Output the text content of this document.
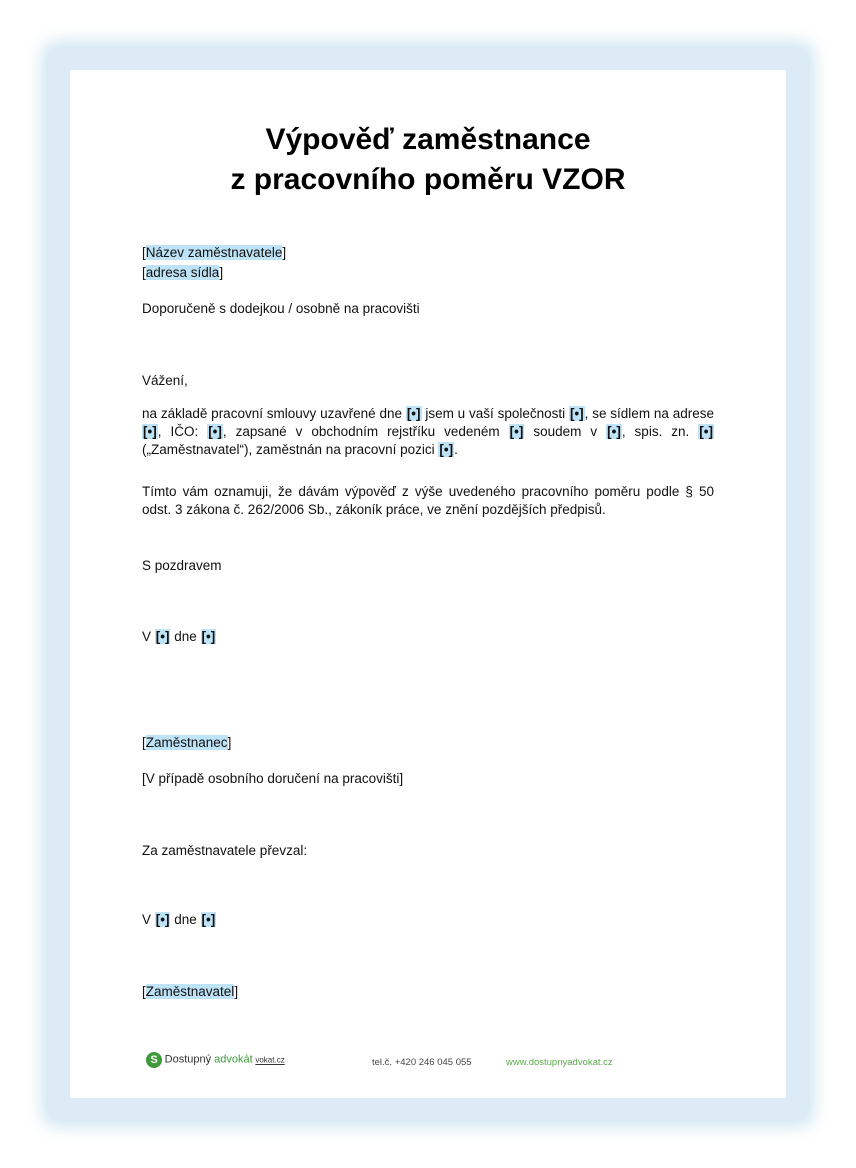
Výpověď zaměstnance
z pracovního poměru VZOR
[Název zaměstnavatele]
[adresa sídla]
Doporučeně s dodejkou / osobně na pracovišti
Vážení,
na základě pracovní smlouvy uzavřené dne [•] jsem u vaší společnosti [•], se sídlem na adrese [•], IČO: [•], zapsané v obchodním rejstříku vedeném [•] soudem v [•], spis. zn. [•] („Zaměstnavatel“), zaměstnán na pracovní pozici [•].
Tímto vám oznamuji, že dávám výpověď z výše uvedeného pracovního poměru podle § 50 odst. 3 zákona č. 262/2006 Sb., zákoník práce, ve znění pozdějších předpisů.
S pozdravem
V [•] dne [•]
[Zaměstnanec]
[V případě osobního doručení na pracovišti]
Za zaměstnavatele převzal:
V [•] dne [•]
[Zaměstnavatel]
S Dostupný advokát vokat.cz	tel.č. +420 246 045 055	www.dostupnyadvokat.cz
